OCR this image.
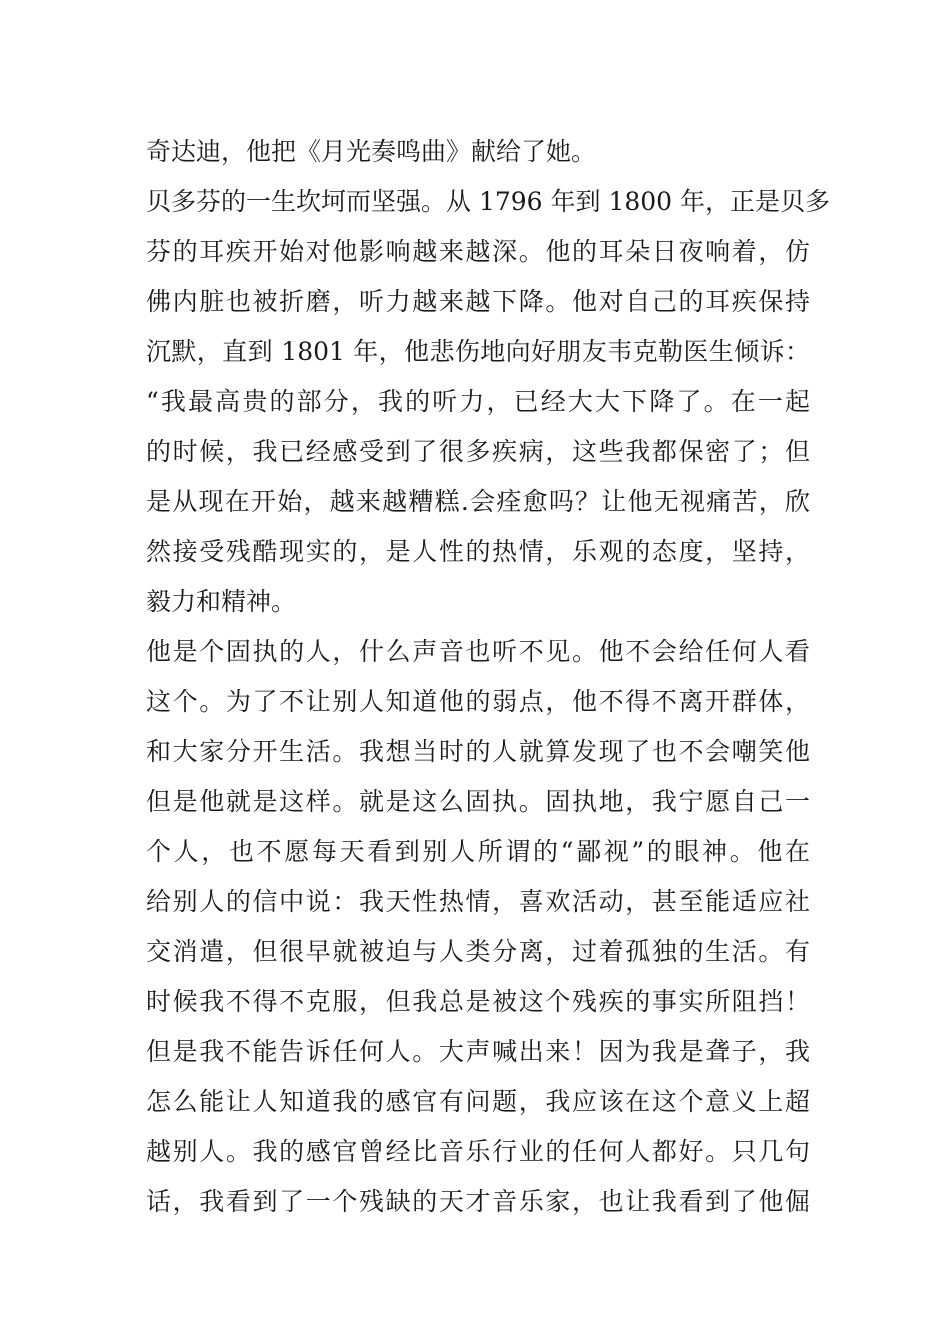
奇达迪，他把《月光奏鸣曲》献给了她。

贝多芬的一生坎坷而坚强。从 1796 年到 1800 年，正是贝多

芬的耳疾开始对他影响越来越深。他的耳朵日夜响着，仿

佛内脏也被折磨，听力越来越下降。他对自己的耳疾保持

沉默，直到 1801 年，他悲伤地向好朋友韦克勒医生倾诉：

“我最高贵的部分，我的听力，已经大大下降了。在一起

的时候，我已经感受到了很多疾病，这些我都保密了；但

是从现在开始，越来越糟糕.会痊愈吗？让他无视痛苦，欣

然接受残酷现实的，是人性的热情，乐观的态度，坚持，

毅力和精神。

他是个固执的人，什么声音也听不见。他不会给任何人看

这个。为了不让别人知道他的弱点，他不得不离开群体，

和大家分开生活。我想当时的人就算发现了也不会嘲笑他

但是他就是这样。就是这么固执。固执地，我宁愿自己一

个人，也不愿每天看到别人所谓的“鄙视”的眼神。他在

给别人的信中说：我天性热情，喜欢活动，甚至能适应社

交消遣，但很早就被迫与人类分离，过着孤独的生活。有

时候我不得不克服，但我总是被这个残疾的事实所阻挡！

但是我不能告诉任何人。大声喊出来！因为我是聋子，我

怎么能让人知道我的感官有问题，我应该在这个意义上超

越别人。我的感官曾经比音乐行业的任何人都好。只几句

话，我看到了一个残缺的天才音乐家，也让我看到了他倔
